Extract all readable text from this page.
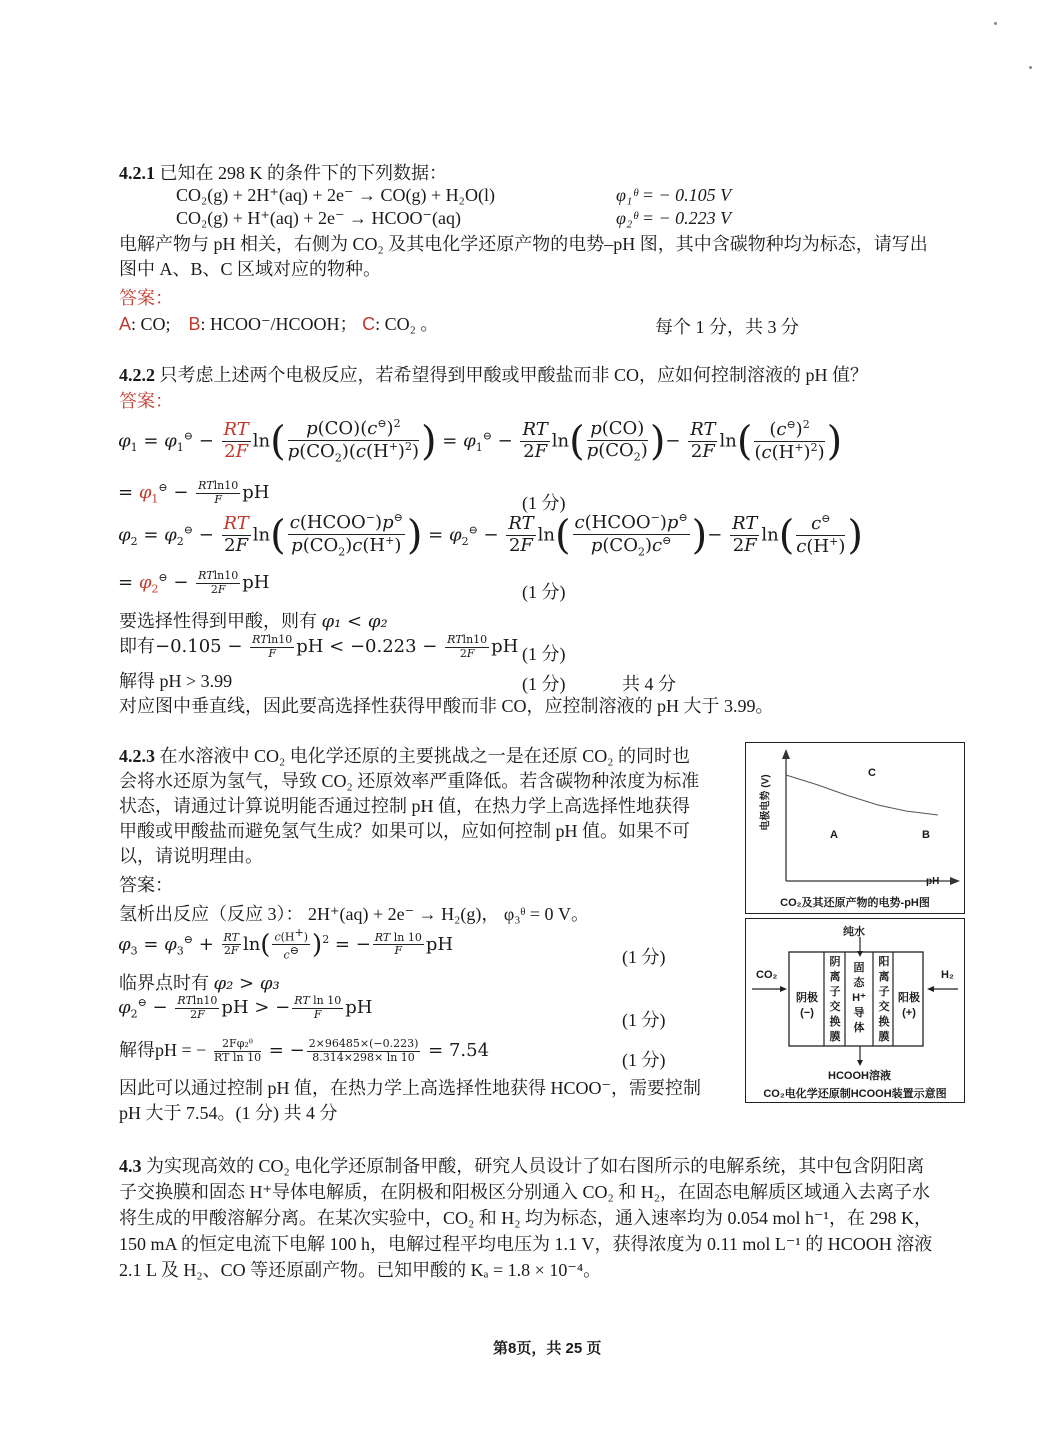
4.2.1 已知在 298 K 的条件下的下列数据：
CO₂(g) + 2H⁺(aq) + 2e⁻ → CO(g) + H₂O(l)	φ₁ᶿ = − 0.105 V
CO₂(g) + H⁺(aq) + 2e⁻ → HCOO⁻(aq)	φ₂ᶿ = − 0.223 V
电解产物与 pH 相关，右侧为 CO₂ 及其电化学还原产物的电势–pH 图，其中含碳物种均为标态，请写出
图中 A、B、C 区域对应的物种。
答案：
A: CO; B: HCOO⁻/HCOOH； C: CO₂ 。	每个 1 分，共 3 分
4.2.2 只考虑上述两个电极反应，若希望得到甲酸或甲酸盐而非 CO，应如何控制溶液的 pH 值？
答案：
$\varphi_1 = \varphi_1^⊖ - \frac{RT}{2F} \ln( \frac{p(CO)(c^⊖)^2}{p(CO_2)(c(H^+)^2)}$ ) = $\varphi_1^⊖ - \frac{RT}{2F} \ln( \frac{p(CO)}{p(CO_2)}$ )− $\frac{RT}{2F} \ln( \frac{(c^⊖)^2}{(c(H^+)^2)}$ )
= $\varphi_1^⊖ - \frac{RTln10}{F}$ pH	(1 分)
$\varphi_2 = \varphi_2^⊖ - \frac{RT}{2F} \ln( \frac{c(HCOO^-)p^⊖}{p(CO_2)c(H^+)}$ ) = $\varphi_2^⊖ - \frac{RT}{2F} \ln( \frac{c(HCOO^-)p^⊖}{p(CO_2)c^⊖}$ )− $\frac{RT}{2F} \ln( \frac{c^⊖}{c(H^+)}$ )
= $\varphi_2^⊖ - \frac{RTln10}{2F}$ pH	(1 分)
要选择性得到甲酸，则有 φ₁ < φ₂
即有$-0.105 - \frac{RTln10}{F}$ pH < $-0.223 - \frac{RTln10}{2F}$ pH (1 分)
解得 pH > 3.99	(1 分)	共 4 分
对应图中垂直线，因此要高选择性获得甲酸而非 CO，应控制溶液的 pH 大于 3.99。
4.2.3 在水溶液中 CO₂ 电化学还原的主要挑战之一是在还原 CO₂ 的同时也
会将水还原为氢气，导致 CO₂ 还原效率严重降低。若含碳物种浓度为标准
状态，请通过计算说明能否通过控制 pH 值，在热力学上高选择性地获得
甲酸或甲酸盐而避免氢气生成？如果可以，应如何控制 pH 值。如果不可
以，请说明理由。
答案：
氢析出反应（反应 3）： 2H⁺(aq) + 2e⁻ → H₂(g)， φ₃ᶿ = 0 V。
$\varphi_3 = \varphi_3^⊖ + \frac{RT}{2F} \ln( \frac{c(H^+)}{c^⊖} )^2$ = − $\frac{\text{RT ln 10}}{F}$ pH
(1 分)
临界点时有 φ₂ > φ₃
$\varphi_2^⊖ - \frac{RTln10}{2F}$ pH > − $\frac{\text{RT ln 10}}{F}$ pH
(1 分)
解得pH = − $\frac{\text{2Fφ₂ᶿ}}{\text{RT ln 10}}$ = − $\frac{2\times 96485\times(-0.223)}{8.314\times 298\times \ln 10} = 7.54$	(1 分)
因此可以通过控制 pH 值，在热力学上高选择性地获得 HCOO⁻，需要控制
pH 大于 7.54。(1 分) 共 4 分
电极电势 (V)
C
A	B
pH
CO₂及其还原产物的电势-pH图
纯水
CO₂	H₂
阴极
(−)
阴离子交换膜
固态
H⁺
导体
阳离子交换膜
阳极
(+)
HCOOH溶液
CO₂电化学还原制HCOOH装置示意图
4.3 为实现高效的 CO₂ 电化学还原制备甲酸，研究人员设计了如右图所示的电解系统，其中包含阴阳离
子交换膜和固态 H⁺导体电解质，在阴极和阳极区分别通入 CO₂ 和 H₂，在固态电解质区域通入去离子水
将生成的甲酸溶解分离。在某次实验中，CO₂ 和 H₂ 均为标态，通入速率均为 0.054 mol h⁻¹，在 298 K，
150 mA 的恒定电流下电解 100 h，电解过程平均电压为 1.1 V，获得浓度为 0.11 mol L⁻¹ 的 HCOOH 溶液
2.1 L 及 H₂、CO 等还原副产物。已知甲酸的 Kₐ = 1.8 × 10⁻⁴。
第8页，共 25 页
